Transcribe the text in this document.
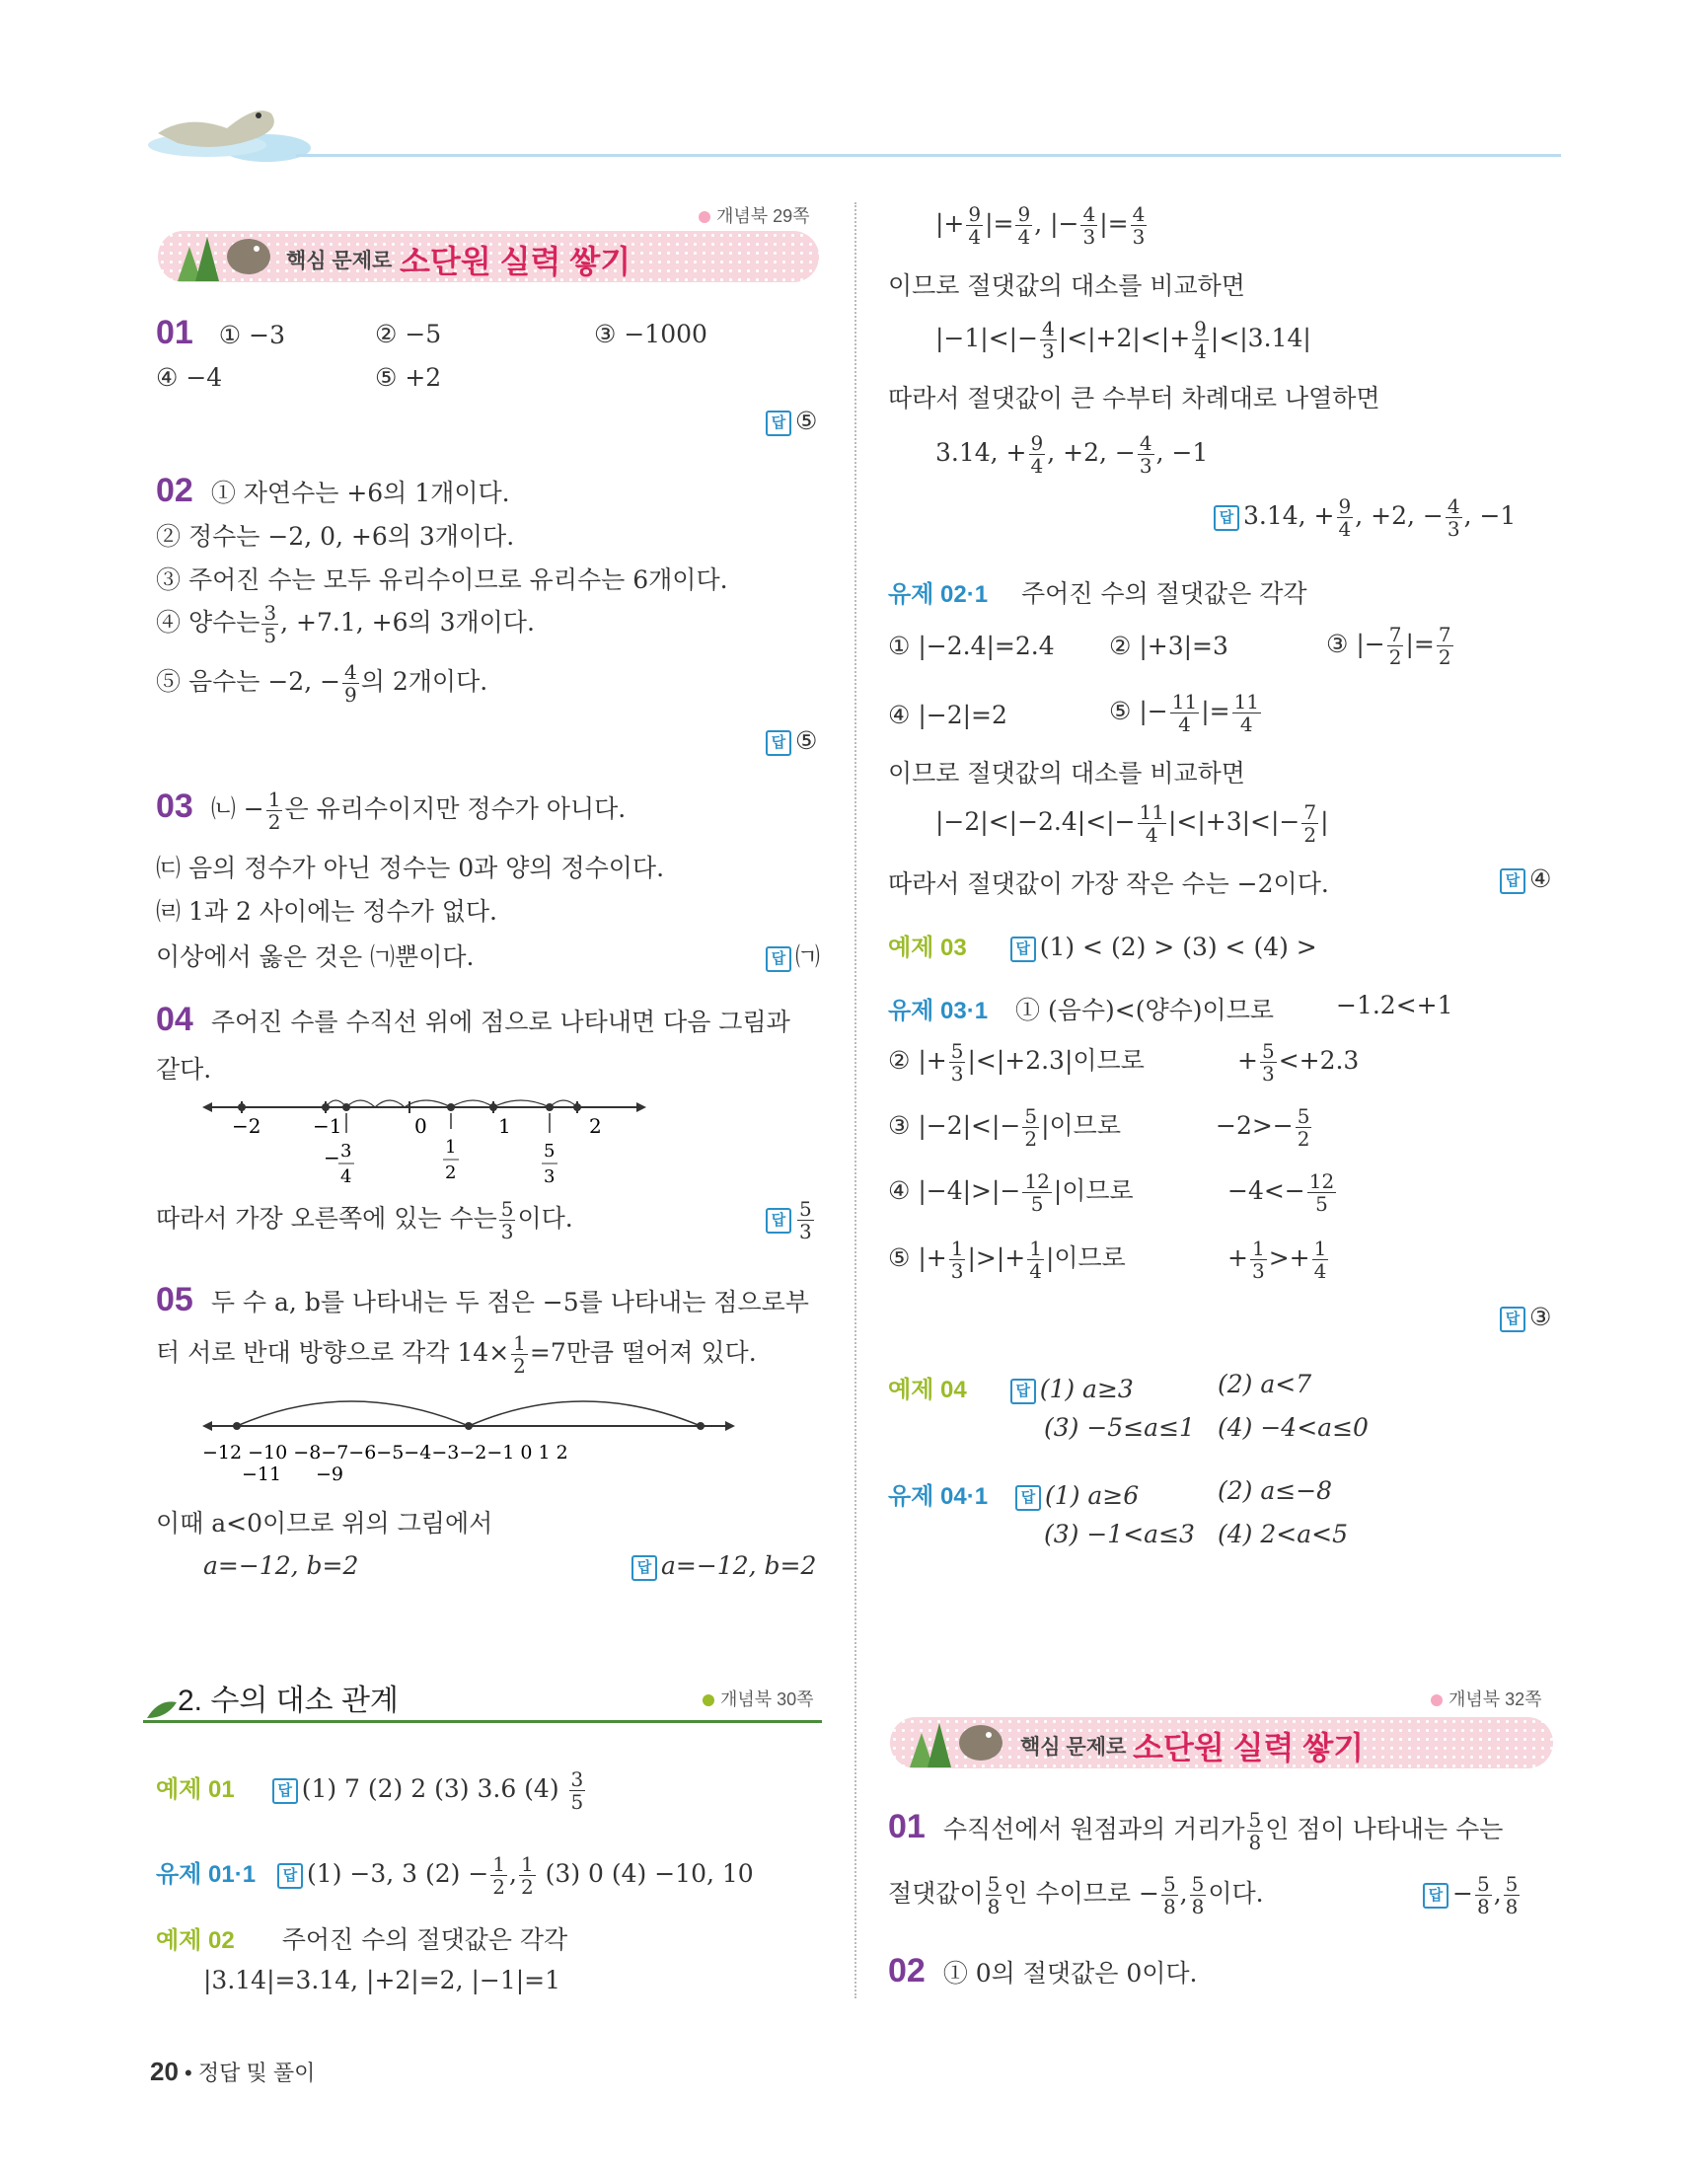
개념북 29쪽
핵심 문제로 소단원 실력 쌓기
01 ① −3	② −5	③ −1000
④ −4	⑤ +2
답 ⑤
02 ① 자연수는 +6의 1개이다.
② 정수는 −2, 0, +6의 3개이다.
③ 주어진 수는 모두 유리수이므로 유리수는 6개이다.
④ 양수는 $\frac{3}{5}$ , +7.1, +6의 3개이다.
⑤ 음수는 −2, − $\frac{4}{9}$ 의 2개이다.
답 ⑤
03 ㈁ − $\frac{1}{2}$ 은 유리수이지만 정수가 아니다.
㈂ 음의 정수가 아닌 정수는 0과 양의 정수이다.
㈃ 1과 2 사이에는 정수가 없다.
이상에서 옳은 것은 ㈀뿐이다.	답 ㈀
04 주어진 수를 수직선 위에 점으로 나타내면 다음 그림과
같다.
−2	−1	0	1	2
− 3
4
1
2
5
3
따라서 가장 오른쪽에 있는 수는 $\frac{5}{3}$ 이다.	답 $\frac{5}{3}$
05 두 수 a, b를 나타내는 두 점은 −5를 나타내는 점으로부
터 서로 반대 방향으로 각각 $14\times \frac{1}{2} =7$만큼 떨어져 있다.
−12 −10 −8−7−6−5−4−3−2−1 0 1 2
−11 −9
이때 a<0이므로 위의 그림에서
a=−12, b=2	답 a=−12, b=2
2. 수의 대소 관계	개념북 30쪽
예제 01	답 (1) 7 (2) 2 (3) 3.6 $(4) \frac{3}{5}$
유제 01·1 답 (1) −3, 3 $(2) - \frac{1}{2}$ , $\frac{1}{2} (3)$ 0 (4) −10, 10
예제 02 주어진 수의 절댓값은 각각
|3.14|=3.14, |+2|=2, |−1|=1
|+ $\frac{9}{4}$ |= $\frac{9}{4}$ , |− $\frac{4}{3}$ |= $\frac{4}{3}$
이므로 절댓값의 대소를 비교하면
$|-1|<|- \frac{4}{3} |<|+2|<|+ \frac{9}{4} |<|3.14|$
따라서 절댓값이 큰 수부터 차례대로 나열하면
3.14, + $\frac{9}{4}$ , +2, − $\frac{4}{3}$ , −1
답 3.14, + $\frac{9}{4}$ , +2, − $\frac{4}{3}$ , −1
유제 02·1 주어진 수의 절댓값은 각각
① |−2.4|=2.4 ② |+3|=3	③ |− $\frac{7}{2}$ |= $\frac{7}{2}$
④ |−2|=2	⑤ |− $\frac{11}{4}$ |= $\frac{11}{4}$
이므로 절댓값의 대소를 비교하면
$|-2|<|-2.4|<|- \frac{11}{4} |<|+3|<|- \frac{7}{2}$ |
따라서 절댓값이 가장 작은 수는 −2이다.	답 ④
예제 03	답 (1) < (2) > (3) < (4) >
유제 03·1 ① (음수)<(양수)이므로	−1.2<+1
② |+ $\frac{5}{3} |<|+2.3|$이므로	+ $\frac{5}{3} <+2.3$
③ $|-2|<|- \frac{5}{2}$ |이므로	$-2>- \frac{5}{2}$
④ $|-4|>|- \frac{12}{5}$ |이므로	$-4<- \frac{12}{5}$
⑤ |+ $\frac{1}{3}$ |>|+ $\frac{1}{4}$ |이므로	+ $\frac{1}{3} >+ \frac{1}{4}$
답 ③
예제 04	답 (1) a≥3	(2) a<7
(3) −5≤a≤1 (4) −4<a≤0
유제 04·1 답 (1) a≥6	(2) a≤−8
(3) −1<a≤3 (4) 2<a<5
개념북 32쪽
핵심 문제로 소단원 실력 쌓기
01 수직선에서 원점과의 거리가 $\frac{5}{8}$ 인 점이 나타내는 수는
절댓값이 $\frac{5}{8}$ 인 수이므로 − $\frac{5}{8}$ , $\frac{5}{8}$ 이다.	답 − $\frac{5}{8}$ , $\frac{5}{8}$
02 ① 0의 절댓값은 0이다.
20 • 정답 및 풀이
